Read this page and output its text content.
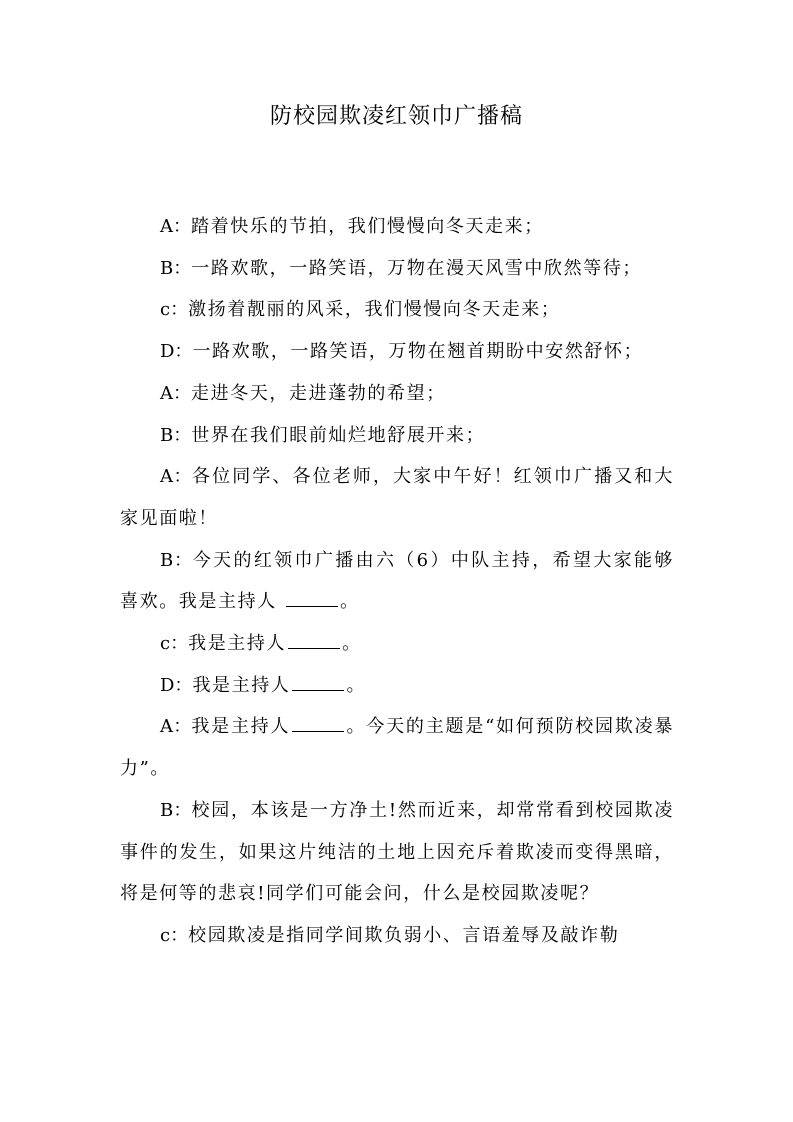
防校园欺凌红领巾广播稿

A：踏着快乐的节拍，我们慢慢向冬天走来；

B：一路欢歌，一路笑语，万物在漫天风雪中欣然等待；

c：激扬着靓丽的风采，我们慢慢向冬天走来；

D：一路欢歌，一路笑语，万物在翘首期盼中安然舒怀；

A：走进冬天，走进蓬勃的希望；

B：世界在我们眼前灿烂地舒展开来；

A：各位同学、各位老师，大家中午好！红领巾广播又和大家见面啦！

B：今天的红领巾广播由六（6）中队主持，希望大家能够喜欢。我是主持人	。

c：我是主持人	。

D：我是主持人	。

A：我是主持人	。今天的主题是“如何预防校园欺凌暴力”。

B：校园，本该是一方净土!然而近来，却常常看到校园欺凌事件的发生，如果这片纯洁的土地上因充斥着欺凌而变得黑暗，将是何等的悲哀!同学们可能会问，什么是校园欺凌呢？

c：校园欺凌是指同学间欺负弱小、言语羞辱及敲诈勒
